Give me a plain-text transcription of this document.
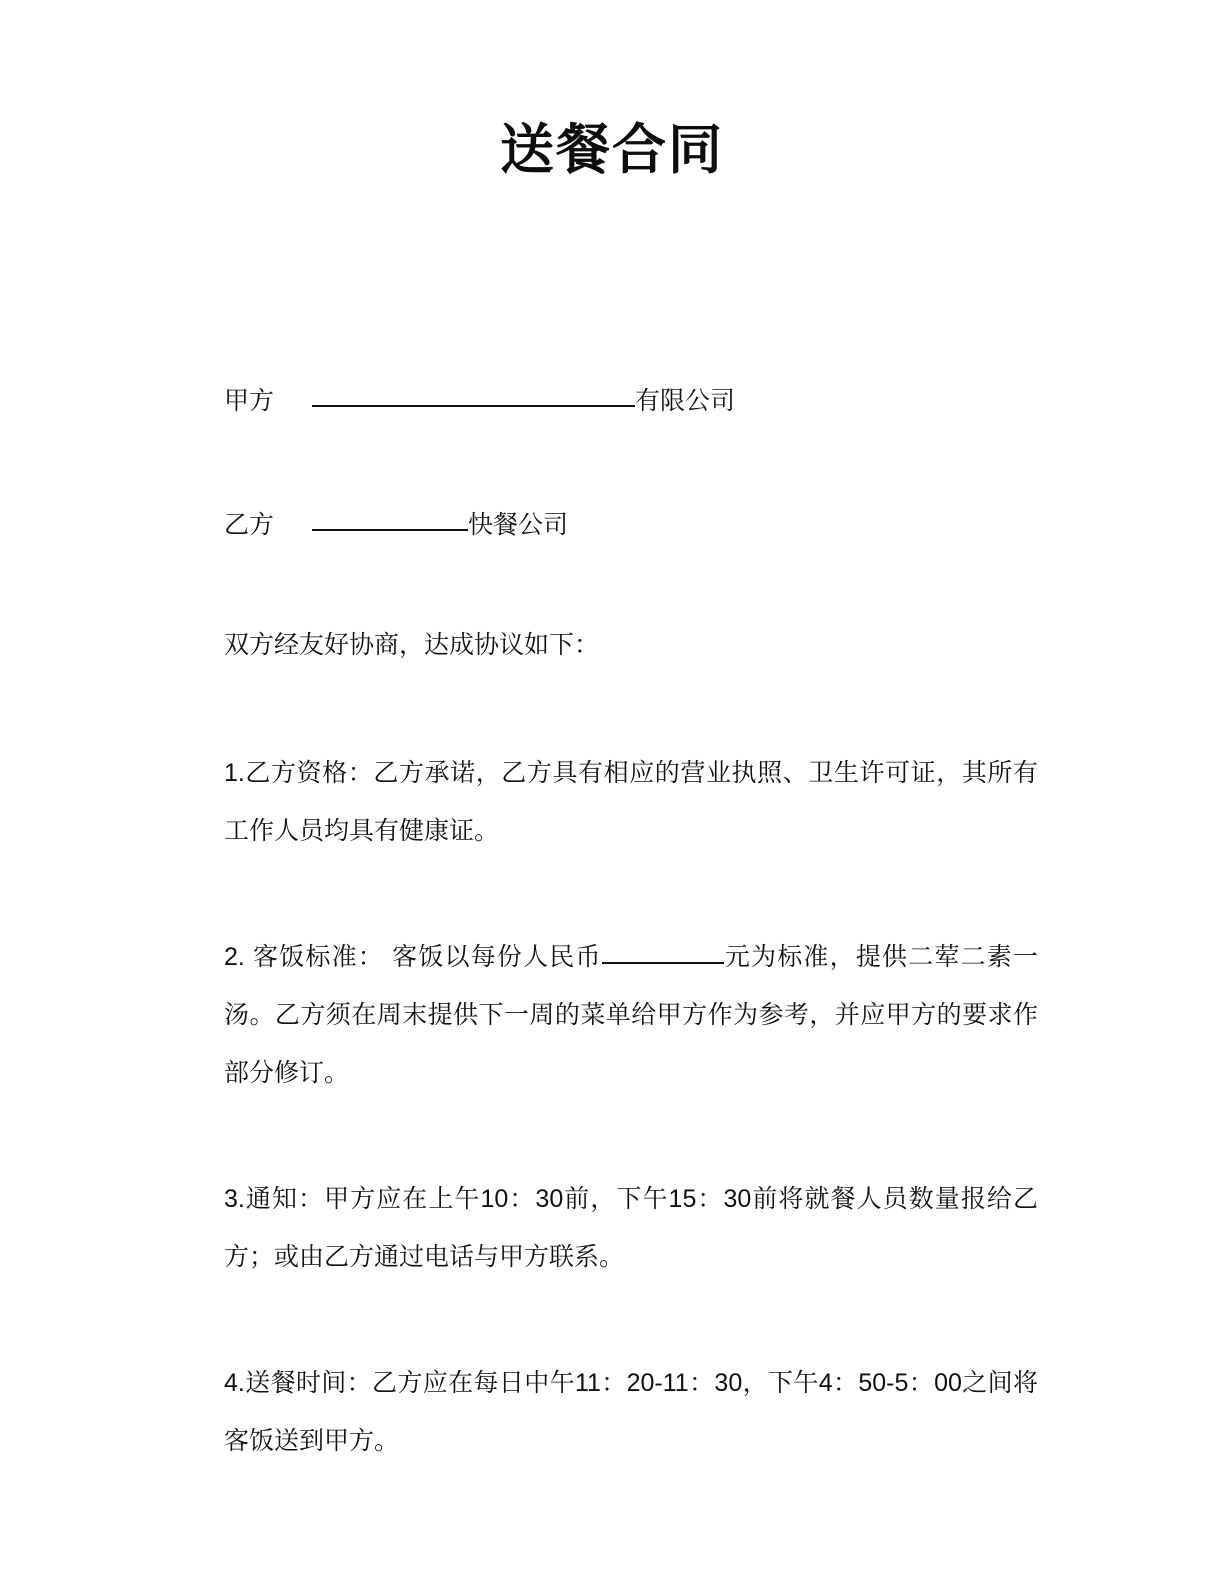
送餐合同

甲方	有限公司

乙方	快餐公司

双方经友好协商，达成协议如下：

1.乙方资格：乙方承诺，乙方具有相应的营业执照、卫生许可证，其所有工作人员均具有健康证。

2. 客饭标准： 客饭以每份人民币	元为标准，提供二荤二素一汤。乙方须在周末提供下一周的菜单给甲方作为参考，并应甲方的要求作部分修订。

3.通知：甲方应在上午10：30前，下午15：30前将就餐人员数量报给乙方；或由乙方通过电话与甲方联系。

4.送餐时间：乙方应在每日中午11：20-11：30，下午4：50-5：00之间将客饭送到甲方。
